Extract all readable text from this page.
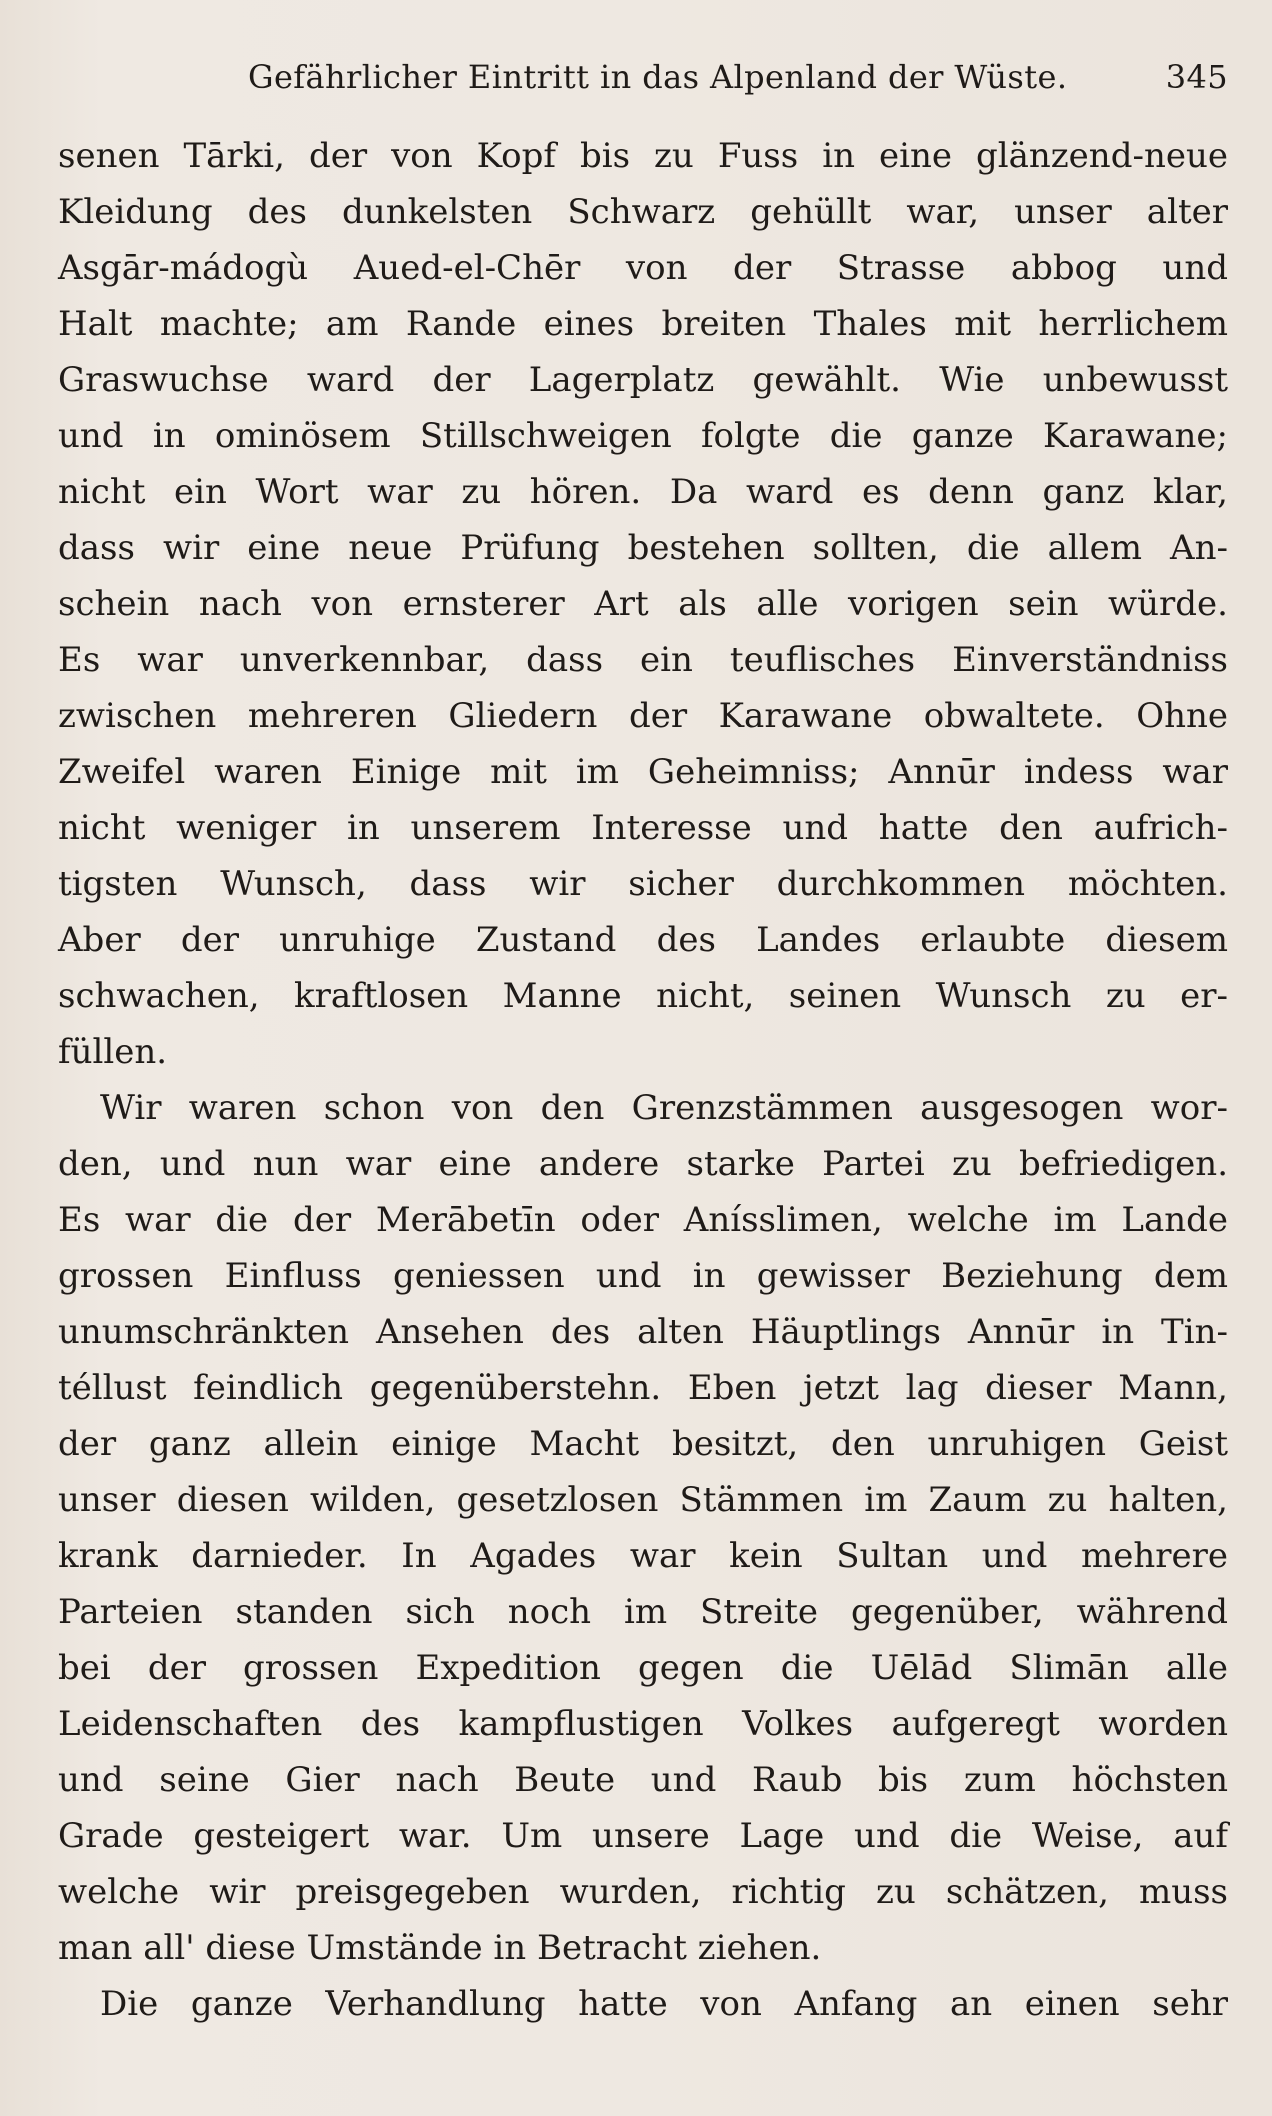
Gefährlicher Eintritt in das Alpenland der Wüste.	345
senen Tārki, der von Kopf bis zu Fuss in eine glänzend-neue
Kleidung des dunkelsten Schwarz gehüllt war, unser alter
Asgār-mádogù Aued-el-Chēr von der Strasse abbog und
Halt machte; am Rande eines breiten Thales mit herrlichem
Graswuchse ward der Lagerplatz gewählt. Wie unbewusst
und in ominösem Stillschweigen folgte die ganze Karawane;
nicht ein Wort war zu hören. Da ward es denn ganz klar,
dass wir eine neue Prüfung bestehen sollten, die allem An-
schein nach von ernsterer Art als alle vorigen sein würde.
Es war unverkennbar, dass ein teuflisches Einverständniss
zwischen mehreren Gliedern der Karawane obwaltete. Ohne
Zweifel waren Einige mit im Geheimniss; Annūr indess war
nicht weniger in unserem Interesse und hatte den aufrich-
tigsten Wunsch, dass wir sicher durchkommen möchten.
Aber der unruhige Zustand des Landes erlaubte diesem
schwachen, kraftlosen Manne nicht, seinen Wunsch zu er-
füllen.
Wir waren schon von den Grenzstämmen ausgesogen wor-
den, und nun war eine andere starke Partei zu befriedigen.
Es war die der Merābetīn oder Anísslimen, welche im Lande
grossen Einfluss geniessen und in gewisser Beziehung dem
unumschränkten Ansehen des alten Häuptlings Annūr in Tin-
téllust feindlich gegenüberstehn. Eben jetzt lag dieser Mann,
der ganz allein einige Macht besitzt, den unruhigen Geist
unser diesen wilden, gesetzlosen Stämmen im Zaum zu halten,
krank darnieder. In Agades war kein Sultan und mehrere
Parteien standen sich noch im Streite gegenüber, während
bei der grossen Expedition gegen die Uēlād Slimān alle
Leidenschaften des kampflustigen Volkes aufgeregt worden
und seine Gier nach Beute und Raub bis zum höchsten
Grade gesteigert war. Um unsere Lage und die Weise, auf
welche wir preisgegeben wurden, richtig zu schätzen, muss
man all' diese Umstände in Betracht ziehen.
Die ganze Verhandlung hatte von Anfang an einen sehr
